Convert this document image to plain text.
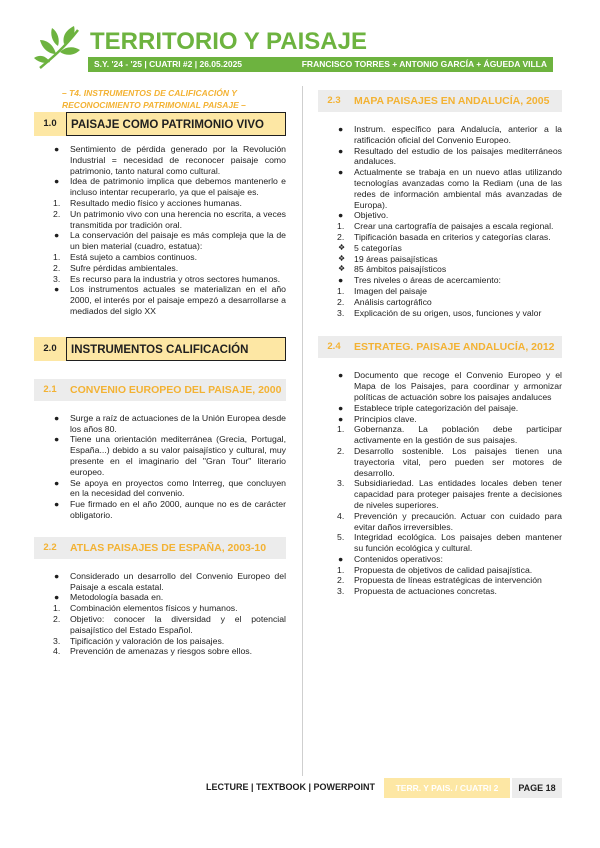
TERRITORIO Y PAISAJE
S.Y. '24 - '25 | CUATRI #2 | 26.05.2025	FRANCISCO TORRES + ANTONIO GARCÍA + ÁGUEDA VILLA
– T4. INSTRUMENTOS DE CALIFICACIÓN Y
RECONOCIMIENTO PATRIMONIAL PAISAJE –
1.0	PAISAJE COMO PATRIMONIO VIVO
●	Sentimiento de pérdida generado por la Revolución Industrial = necesidad de reconocer paisaje como patrimonio, tanto natural como cultural.
●	Idea de patrimonio implica que debemos mantenerlo e incluso intentar recuperarlo, ya que el paisaje es.
1.	Resultado medio físico y acciones humanas.
2.	Un patrimonio vivo con una herencia no escrita, a veces transmitida por tradición oral.
●	La conservación del paisaje es más compleja que la de un bien material (cuadro, estatua):
1.	Está sujeto a cambios continuos.
2.	Sufre pérdidas ambientales.
3.	Es recurso para la industria y otros sectores humanos.
●	Los instrumentos actuales se materializan en el año 2000, el interés por el paisaje empezó a desarrollarse a mediados del siglo XX
2.0	INSTRUMENTOS CALIFICACIÓN
2.1	CONVENIO EUROPEO DEL PAISAJE, 2000
●	Surge a raíz de actuaciones de la Unión Europea desde los años 80.
●	Tiene una orientación mediterránea (Grecia, Portugal, España...) debido a su valor paisajístico y cultural, muy presente en el imaginario del "Gran Tour" literario europeo.
●	Se apoya en proyectos como Interreg, que concluyen en la necesidad del convenio.
●	Fue firmado en el año 2000, aunque no es de carácter obligatorio.
2.2	ATLAS PAISAJES DE ESPAÑA, 2003-10
●	Considerado un desarrollo del Convenio Europeo del Paisaje a escala estatal.
●	Metodología basada en.
1.	Combinación elementos físicos y humanos.
2.	Objetivo: conocer la diversidad y el potencial paisajístico del Estado Español.
3.	Tipificación y valoración de los paisajes.
4.	Prevención de amenazas y riesgos sobre ellos.
2.3	MAPA PAISAJES EN ANDALUCÍA, 2005
●	Instrum. específico para Andalucía, anterior a la ratificación oficial del Convenio Europeo.
●	Resultado del estudio de los paisajes mediterráneos andaluces.
●	Actualmente se trabaja en un nuevo atlas utilizando tecnologías avanzadas como la Rediam (una de las redes de información ambiental más avanzadas de Europa).
●	Objetivo.
1.	Crear una cartografía de paisajes a escala regional.
2.	Tipificación basada en criterios y categorías claras.
❖	5 categorías
❖	19 áreas paisajísticas
❖	85 ámbitos paisajísticos
●	Tres niveles o áreas de acercamiento:
1.	Imagen del paisaje
2.	Análisis cartográfico
3.	Explicación de su origen, usos, funciones y valor
2.4	ESTRATEG. PAISAJE ANDALUCÍA, 2012
●	Documento que recoge el Convenio Europeo y el Mapa de los Paisajes, para coordinar y armonizar políticas de actuación sobre los paisajes andaluces
●	Establece triple categorización del paisaje.
●	Principios clave.
1.	Gobernanza. La población debe participar activamente en la gestión de sus paisajes.
2.	Desarrollo sostenible. Los paisajes tienen una trayectoria vital, pero pueden ser motores de desarrollo.
3.	Subsidiariedad. Las entidades locales deben tener capacidad para proteger paisajes frente a decisiones de niveles superiores.
4.	Prevención y precaución. Actuar con cuidado para evitar daños irreversibles.
5.	Integridad ecológica. Los paisajes deben mantener su función ecológica y cultural.
●	Contenidos operativos:
1.	Propuesta de objetivos de calidad paisajística.
2.	Propuesta de líneas estratégicas de intervención
3.	Propuesta de actuaciones concretas.
LECTURE | TEXTBOOK | POWERPOINT	TERR. Y PAIS. / CUATRI 2	PAGE 18
